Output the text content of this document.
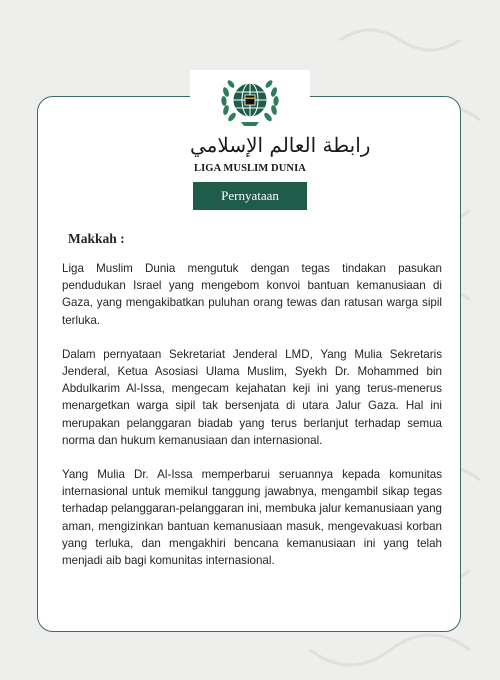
رابطة العالم الإسلامي
LIGA MUSLIM DUNIA
Pernyataan
Makkah :

Liga Muslim Dunia mengutuk dengan tegas tindakan pasukan pendudukan Israel yang mengebom konvoi bantuan kemanusiaan di Gaza, yang mengakibatkan puluhan orang tewas dan ratusan warga sipil terluka.

Dalam pernyataan Sekretariat Jenderal LMD, Yang Mulia Sekretaris Jenderal, Ketua Asosiasi Ulama Muslim, Syekh Dr. Mohammed bin Abdulkarim Al-Issa, mengecam kejahatan keji ini yang terus-menerus menargetkan warga sipil tak bersenjata di utara Jalur Gaza. Hal ini merupakan pelanggaran biadab yang terus berlanjut terhadap semua norma dan hukum kemanusiaan dan internasional.

Yang Mulia Dr. Al-Issa memperbarui seruannya kepada komunitas internasional untuk memikul tanggung jawabnya, mengambil sikap tegas terhadap pelanggaran-pelanggaran ini, membuka jalur kemanusiaan yang aman, mengizinkan bantuan kemanusiaan masuk, mengevakuasi korban yang terluka, dan mengakhiri bencana kemanusiaan ini yang telah menjadi aib bagi komunitas internasional.
